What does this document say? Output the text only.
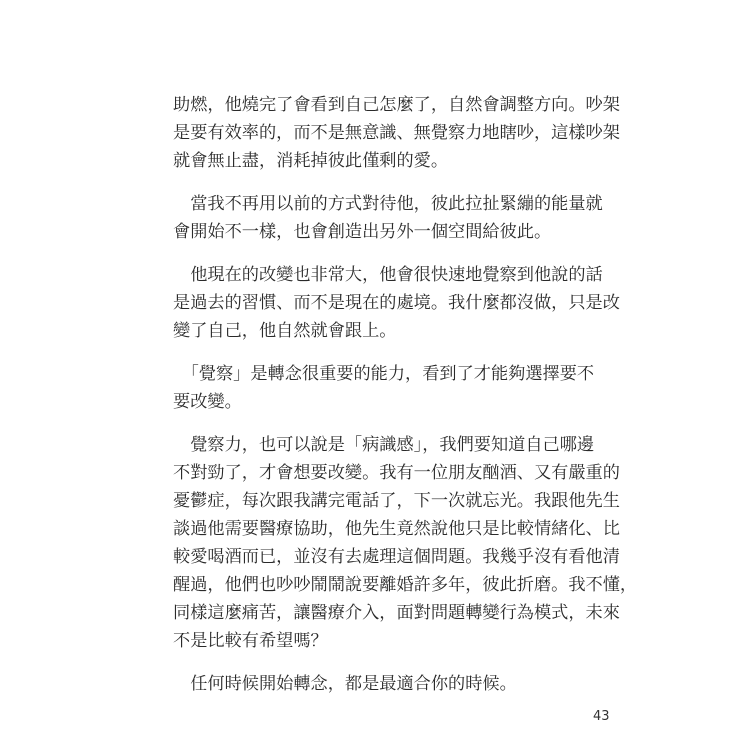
助燃，他燒完了會看到自己怎麼了，自然會調整方向。吵架
是要有效率的，而不是無意識、無覺察力地瞎吵，這樣吵架
就會無止盡，消耗掉彼此僅剩的愛。

　當我不再用以前的方式對待他，彼此拉扯緊繃的能量就
會開始不一樣，也會創造出另外一個空間給彼此。

　他現在的改變也非常大，他會很快速地覺察到他說的話
是過去的習慣、而不是現在的處境。我什麼都沒做，只是改
變了自己，他自然就會跟上。

　「覺察」是轉念很重要的能力，看到了才能夠選擇要不
要改變。

　覺察力，也可以說是「病識感」，我們要知道自己哪邊
不對勁了，才會想要改變。我有一位朋友酗酒、又有嚴重的
憂鬱症，每次跟我講完電話了，下一次就忘光。我跟他先生
談過他需要醫療協助，他先生竟然說他只是比較情緒化、比
較愛喝酒而已，並沒有去處理這個問題。我幾乎沒有看他清
醒過，他們也吵吵鬧鬧說要離婚許多年，彼此折磨。我不懂，
同樣這麼痛苦，讓醫療介入，面對問題轉變行為模式，未來
不是比較有希望嗎？

　任何時候開始轉念，都是最適合你的時候。

43
